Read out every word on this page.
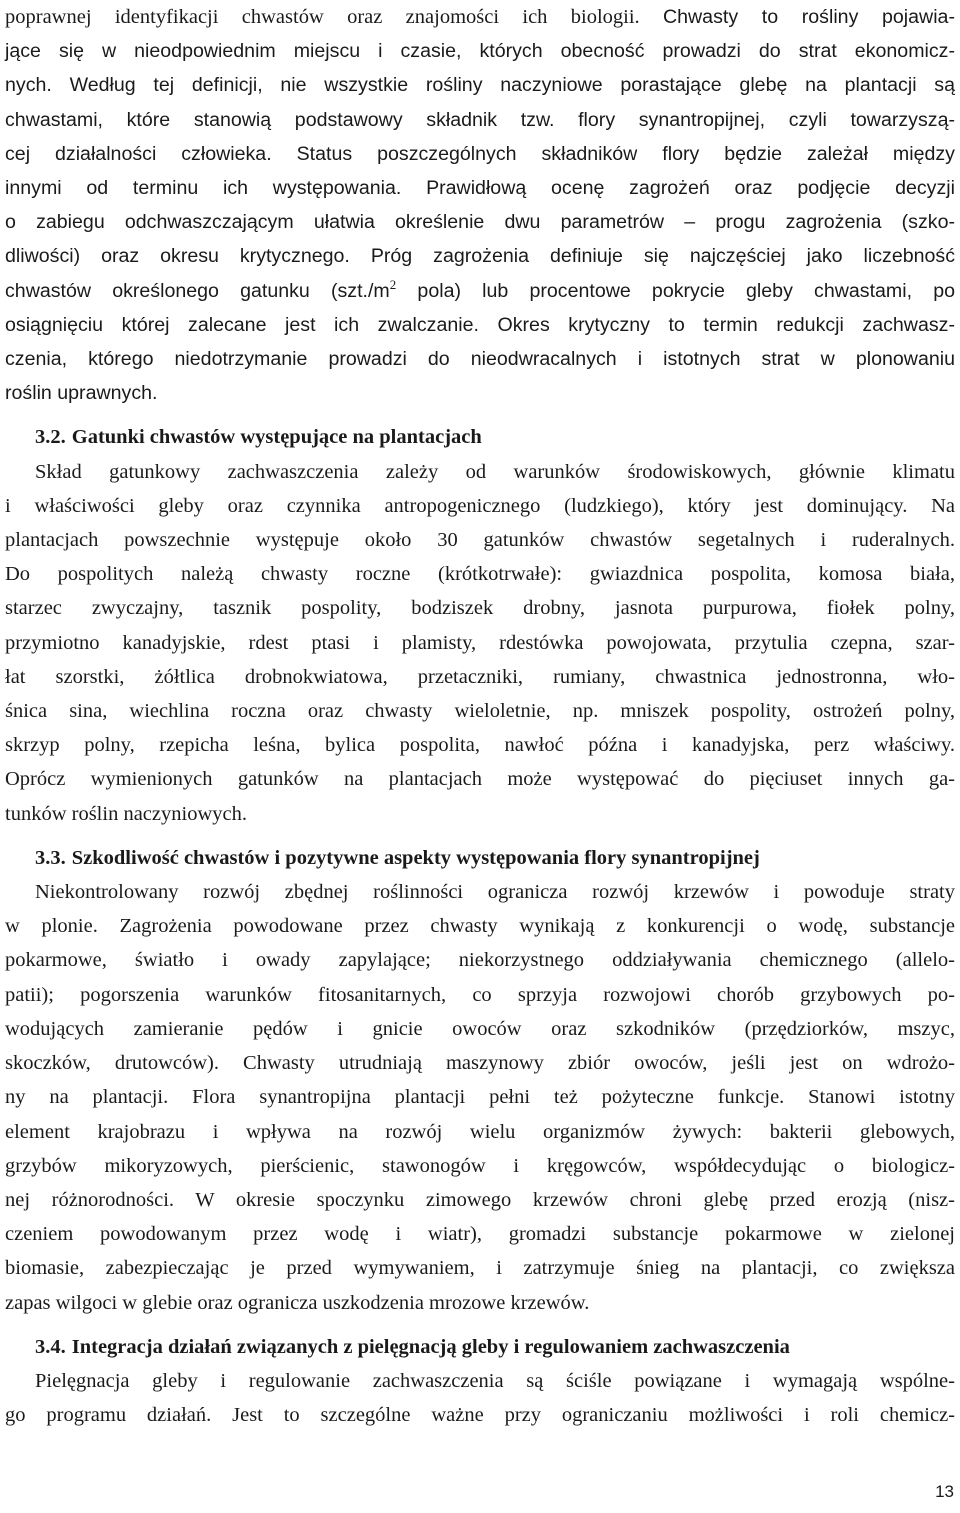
poprawnej identyfikacji chwastów oraz znajomości ich biologii. Chwasty to rośliny pojawia-
jące się w nieodpowiednim miejscu i czasie, których obecność prowadzi do strat ekonomicz-
nych. Według tej definicji, nie wszystkie rośliny naczyniowe porastające glebę na plantacji są
chwastami, które stanowią podstawowy składnik tzw. flory synantropijnej, czyli towarzyszą-
cej działalności człowieka. Status poszczególnych składników flory będzie zależał między
innymi od terminu ich występowania. Prawidłową ocenę zagrożeń oraz podjęcie decyzji
o zabiegu odchwaszczającym ułatwia określenie dwu parametrów – progu zagrożenia (szko-
dliwości) oraz okresu krytycznego. Próg zagrożenia definiuje się najczęściej jako liczebność
chwastów określonego gatunku ($szt./m^2$ pola) lub procentowe pokrycie gleby chwastami, po
osiągnięciu której zalecane jest ich zwalczanie. Okres krytyczny to termin redukcji zachwasz-
czenia, którego niedotrzymanie prowadzi do nieodwracalnych i istotnych strat w plonowaniu
roślin uprawnych.
3.2. Gatunki chwastów występujące na plantacjach
Skład gatunkowy zachwaszczenia zależy od warunków środowiskowych, głównie klimatu
i właściwości gleby oraz czynnika antropogenicznego (ludzkiego), który jest dominujący. Na
plantacjach powszechnie występuje około 30 gatunków chwastów segetalnych i ruderalnych.
Do pospolitych należą chwasty roczne (krótkotrwałe): gwiazdnica pospolita, komosa biała,
starzec zwyczajny, tasznik pospolity, bodziszek drobny, jasnota purpurowa, fiołek polny,
przymiotno kanadyjskie, rdest ptasi i plamisty, rdestówka powojowata, przytulia czepna, szar-
łat szorstki, żółtlica drobnokwiatowa, przetaczniki, rumiany, chwastnica jednostronna, wło-
śnica sina, wiechlina roczna oraz chwasty wieloletnie, np. mniszek pospolity, ostrożeń polny,
skrzyp polny, rzepicha leśna, bylica pospolita, nawłoć późna i kanadyjska, perz właściwy.
Oprócz wymienionych gatunków na plantacjach może występować do pięciuset innych ga-
tunków roślin naczyniowych.
3.3. Szkodliwość chwastów i pozytywne aspekty występowania flory synantropijnej
Niekontrolowany rozwój zbędnej roślinności ogranicza rozwój krzewów i powoduje straty
w plonie. Zagrożenia powodowane przez chwasty wynikają z konkurencji o wodę, substancje
pokarmowe, światło i owady zapylające; niekorzystnego oddziaływania chemicznego (allelo-
patii); pogorszenia warunków fitosanitarnych, co sprzyja rozwojowi chorób grzybowych po-
wodujących zamieranie pędów i gnicie owoców oraz szkodników (przędziorków, mszyc,
skoczków, drutowców). Chwasty utrudniają maszynowy zbiór owoców, jeśli jest on wdrożo-
ny na plantacji. Flora synantropijna plantacji pełni też pożyteczne funkcje. Stanowi istotny
element krajobrazu i wpływa na rozwój wielu organizmów żywych: bakterii glebowych,
grzybów mikoryzowych, pierścienic, stawonogów i kręgowców, współdecydując o biologicz-
nej różnorodności. W okresie spoczynku zimowego krzewów chroni glebę przed erozją (nisz-
czeniem powodowanym przez wodę i wiatr), gromadzi substancje pokarmowe w zielonej
biomasie, zabezpieczając je przed wymywaniem, i zatrzymuje śnieg na plantacji, co zwiększa
zapas wilgoci w glebie oraz ogranicza uszkodzenia mrozowe krzewów.
3.4. Integracja działań związanych z pielęgnacją gleby i regulowaniem zachwaszczenia
Pielęgnacja gleby i regulowanie zachwaszczenia są ściśle powiązane i wymagają wspólne-
go programu działań. Jest to szczególne ważne przy ograniczaniu możliwości i roli chemicz-
13
